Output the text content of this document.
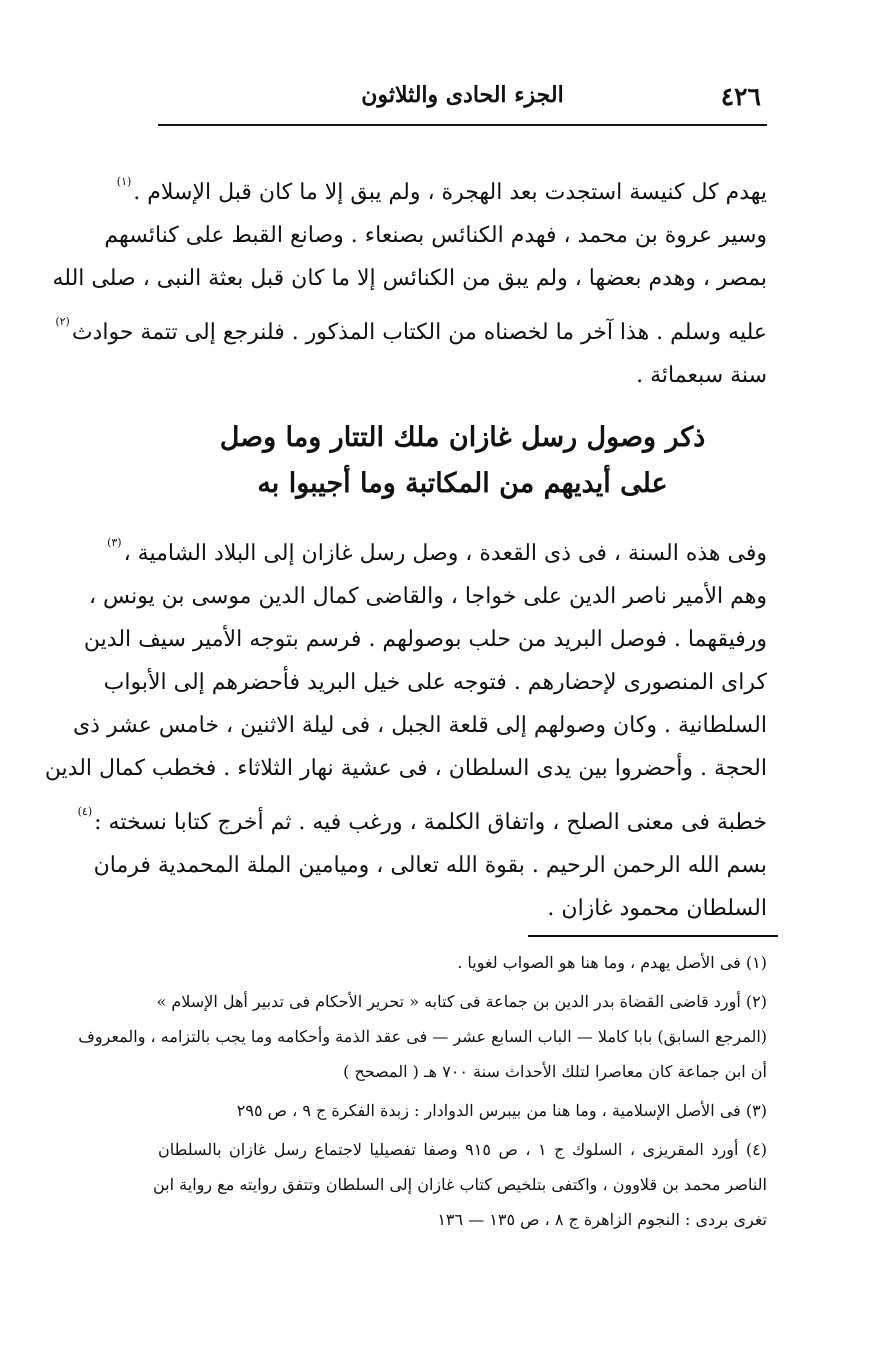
٤٢٦
الجزء الحادى والثلاثون

يهدم كل كنيسة استجدت بعد الهجرة ، ولم يبق إلا ما كان قبل الإسلام .$^{(١)}$

وسير عروة بن محمد ، فهدم الكنائس بصنعاء . وصانع القبط على كنائسهم

بمصر ، وهدم بعضها ، ولم يبق من الكنائس إلا ما كان قبل بعثة النبى ، صلى الله

عليه وسلم . هذا آخر ما لخصناه من الكتاب المذكور . فلنرجع إلى تتمة حوادث$^{(٢)}$

سنة سبعمائة .

ذكر وصول رسل غازان ملك التتار وما وصل
على أيديهم من المكاتبة وما أجيبوا به

وفى هذه السنة ، فى ذى القعدة ، وصل رسل غازان إلى البلاد الشامية ،$^{(٣)}$

وهم الأمير ناصر الدين على خواجا ، والقاضى كمال الدين موسى بن يونس ،

ورفيقهما . فوصل البريد من حلب بوصولهم . فرسم بتوجه الأمير سيف الدين

كراى المنصورى لإحضارهم . فتوجه على خيل البريد فأحضرهم إلى الأبواب

السلطانية . وكان وصولهم إلى قلعة الجبل ، فى ليلة الاثنين ، خامس عشر ذى

الحجة . وأحضروا بين يدى السلطان ، فى عشية نهار الثلاثاء . فخطب كمال الدين

خطبة فى معنى الصلح ، واتفاق الكلمة ، ورغب فيه . ثم أخرج كتابا نسخته :$^{(٤)}$

بسم الله الرحمن الرحيم . بقوة الله تعالى ، وميامين الملة المحمدية فرمان

السلطان محمود غازان .

(١) فى الأصل يهدم ، وما هنا هو الصواب لغويا .

(٢) أورد قاضى القضاة بدر الدين بن جماعة فى كتابه « تحرير الأحكام فى تدبير أهل الإسلام »

(المرجع السابق) بابا كاملا — الباب السابع عشر — فى عقد الذمة وأحكامه وما يجب بالتزامه ، والمعروف

أن ابن جماعة كان معاصرا لتلك الأحداث سنة ٧٠٠ هـ ( المصحح )

(٣) فى الأصل الإسلامية ، وما هنا من بيبرس الدوادار : زبدة الفكرة ج ٩ ، ص ٢٩٥

(٤) أورد المقريزى ، السلوك ج ١ ، ص ٩١٥ وصفا تفصيليا لاجتماع رسل غازان بالسلطان

الناصر محمد بن قلاوون ، واكتفى بتلخيص كتاب غازان إلى السلطان وتتفق روايته مع رواية ابن

تغرى بردى : النجوم الزاهرة ج ٨ ، ص ١٣٥ — ١٣٦
